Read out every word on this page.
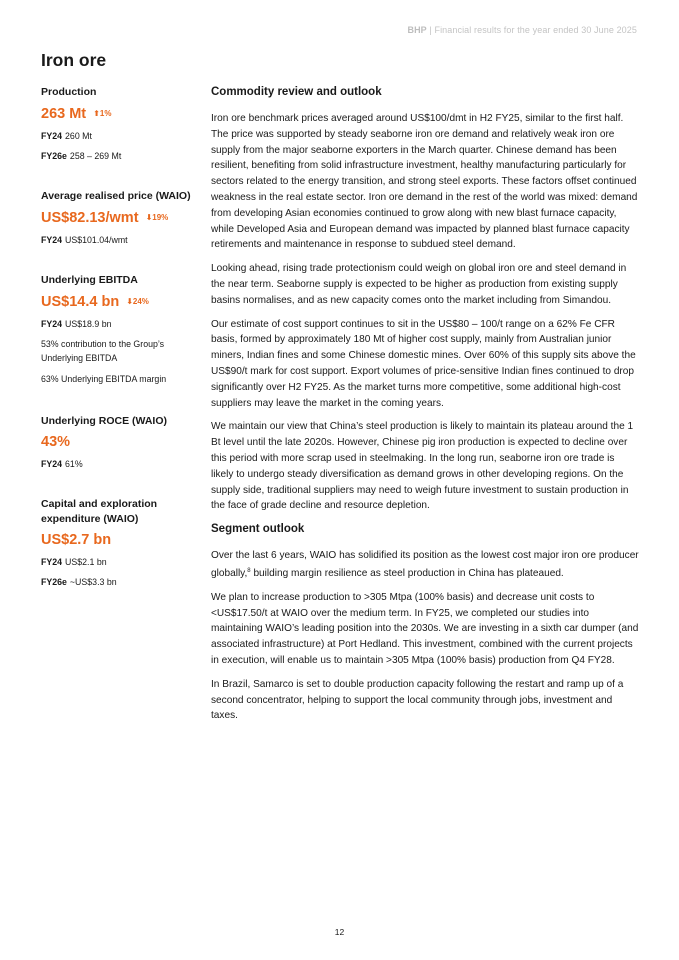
BHP | Financial results for the year ended 30 June 2025
Iron ore
Production
263 Mt ⬆1%
FY24 260 Mt
FY26e 258 – 269 Mt
Average realised price (WAIO)
US$82.13/wmt ⬇19%
FY24 US$101.04/wmt
Underlying EBITDA
US$14.4 bn ⬇24%
FY24 US$18.9 bn
53% contribution to the Group’s Underlying EBITDA
63% Underlying EBITDA margin
Underlying ROCE (WAIO)
43%
FY24 61%
Capital and exploration expenditure (WAIO)
US$2.7 bn
FY24 US$2.1 bn
FY26e ~US$3.3 bn
Commodity review and outlook

Iron ore benchmark prices averaged around US$100/dmt in H2 FY25, similar to the first half. The price was supported by steady seaborne iron ore demand and relatively weak iron ore supply from the major seaborne exporters in the March quarter. Chinese demand has been resilient, benefiting from solid infrastructure investment, healthy manufacturing particularly for sectors related to the energy transition, and strong steel exports. These factors offset continued weakness in the real estate sector. Iron ore demand in the rest of the world was mixed: demand from developing Asian economies continued to grow along with new blast furnace capacity, while Developed Asia and European demand was impacted by planned blast furnace capacity retirements and maintenance in response to subdued steel demand.

Looking ahead, rising trade protectionism could weigh on global iron ore and steel demand in the near term. Seaborne supply is expected to be higher as production from existing supply basins normalises, and as new capacity comes onto the market including from Simandou.

Our estimate of cost support continues to sit in the US$80 – 100/t range on a 62% Fe CFR basis, formed by approximately 180 Mt of higher cost supply, mainly from Australian junior miners, Indian fines and some Chinese domestic mines. Over 60% of this supply sits above the US$90/t mark for cost support. Export volumes of price-sensitive Indian fines continued to drop significantly over H2 FY25. As the market turns more competitive, some additional high-cost suppliers may leave the market in the coming years.

We maintain our view that China’s steel production is likely to maintain its plateau around the 1 Bt level until the late 2020s. However, Chinese pig iron production is expected to decline over this period with more scrap used in steelmaking. In the long run, seaborne iron ore trade is likely to undergo steady diversification as demand grows in other developing regions. On the supply side, traditional suppliers may need to weigh future investment to sustain production in the face of grade decline and resource depletion.

Segment outlook

Over the last 6 years, WAIO has solidified its position as the lowest cost major iron ore producer globally,$^8$ building margin resilience as steel production in China has plateaued.

We plan to increase production to >305 Mtpa (100% basis) and decrease unit costs to <US$17.50/t at WAIO over the medium term. In FY25, we completed our studies into maintaining WAIO’s leading position into the 2030s. We are investing in a sixth car dumper (and associated infrastructure) at Port Hedland. This investment, combined with the current projects in execution, will enable us to maintain >305 Mtpa (100% basis) production from Q4 FY28.

In Brazil, Samarco is set to double production capacity following the restart and ramp up of a second concentrator, helping to support the local community through jobs, investment and taxes.

12
